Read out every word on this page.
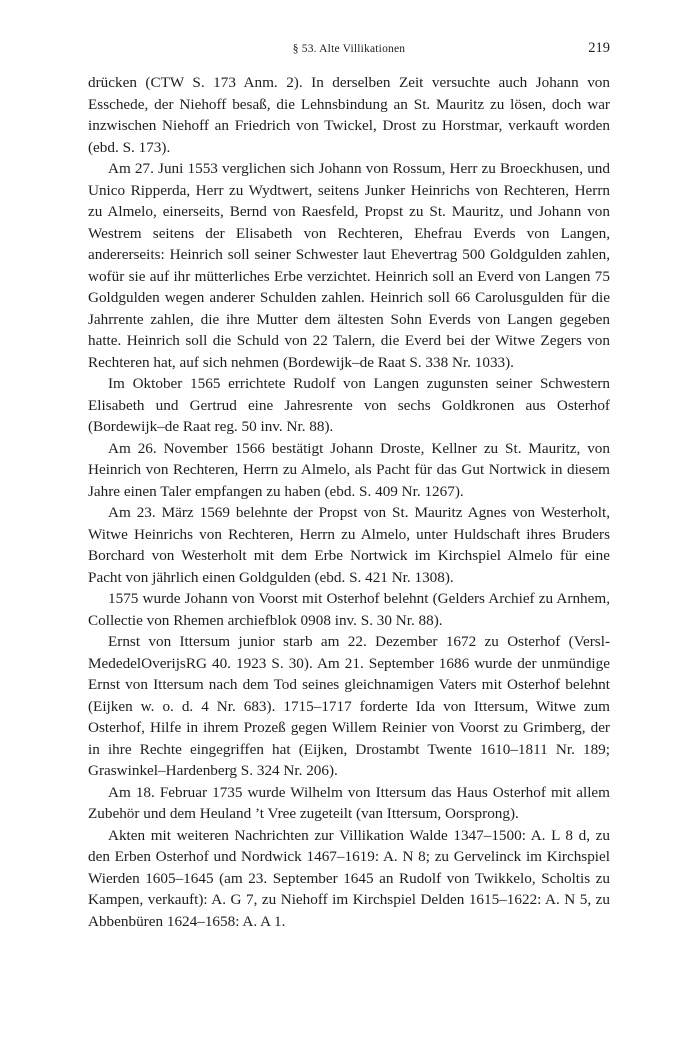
§ 53. Alte Villikationen	219

drücken (CTW S. 173 Anm. 2). In derselben Zeit versuchte auch Johann von Esschede, der Niehoff besaß, die Lehnsbindung an St. Mauritz zu lösen, doch war inzwischen Niehoff an Friedrich von Twickel, Drost zu Horstmar, verkauft worden (ebd. S. 173).

Am 27. Juni 1553 verglichen sich Johann von Rossum, Herr zu Broeckhusen, und Unico Ripperda, Herr zu Wydtwert, seitens Junker Heinrichs von Rechteren, Herrn zu Almelo, einerseits, Bernd von Raesfeld, Propst zu St. Mauritz, und Johann von Westrem seitens der Elisabeth von Rechteren, Ehefrau Everds von Langen, andererseits: Heinrich soll seiner Schwester laut Ehevertrag 500 Goldgulden zahlen, wofür sie auf ihr mütterliches Erbe verzichtet. Heinrich soll an Everd von Langen 75 Goldgulden wegen anderer Schulden zahlen. Heinrich soll 66 Carolusgulden für die Jahrrente zahlen, die ihre Mutter dem ältesten Sohn Everds von Langen gegeben hatte. Heinrich soll die Schuld von 22 Talern, die Everd bei der Witwe Zegers von Rechteren hat, auf sich nehmen (Bordewijk–de Raat S. 338 Nr. 1033).

Im Oktober 1565 errichtete Rudolf von Langen zugunsten seiner Schwestern Elisabeth und Gertrud eine Jahresrente von sechs Goldkronen aus Osterhof (Bordewijk–de Raat reg. 50 inv. Nr. 88).

Am 26. November 1566 bestätigt Johann Droste, Kellner zu St. Mauritz, von Heinrich von Rechteren, Herrn zu Almelo, als Pacht für das Gut Nortwick in diesem Jahre einen Taler empfangen zu haben (ebd. S. 409 Nr. 1267).

Am 23. März 1569 belehnte der Propst von St. Mauritz Agnes von Westerholt, Witwe Heinrichs von Rechteren, Herrn zu Almelo, unter Huldschaft ihres Bruders Borchard von Westerholt mit dem Erbe Nortwick im Kirchspiel Almelo für eine Pacht von jährlich einen Goldgulden (ebd. S. 421 Nr. 1308).

1575 wurde Johann von Voorst mit Osterhof belehnt (Gelders Archief zu Arnhem, Collectie von Rhemen archiefblok 0908 inv. S. 30 Nr. 88).

Ernst von Ittersum junior starb am 22. Dezember 1672 zu Osterhof (VerslMededelOverijsRG 40. 1923 S. 30). Am 21. September 1686 wurde der unmündige Ernst von Ittersum nach dem Tod seines gleichnamigen Vaters mit Osterhof belehnt (Eijken w. o. d. 4 Nr. 683). 1715–1717 forderte Ida von Ittersum, Witwe zum Osterhof, Hilfe in ihrem Prozeß gegen Willem Reinier von Voorst zu Grimberg, der in ihre Rechte eingegriffen hat (Eijken, Drostambt Twente 1610–1811 Nr. 189; Graswinkel–Hardenberg S. 324 Nr. 206).

Am 18. Februar 1735 wurde Wilhelm von Ittersum das Haus Osterhof mit allem Zubehör und dem Heuland ’t Vree zugeteilt (van Ittersum, Oorsprong).

Akten mit weiteren Nachrichten zur Villikation Walde 1347–1500: A. L 8 d, zu den Erben Osterhof und Nordwick 1467–1619: A. N 8; zu Gervelinck im Kirchspiel Wierden 1605–1645 (am 23. September 1645 an Rudolf von Twikkelo, Scholtis zu Kampen, verkauft): A. G 7, zu Niehoff im Kirchspiel Delden 1615–1622: A. N 5, zu Abbenbüren 1624–1658: A. A 1.
